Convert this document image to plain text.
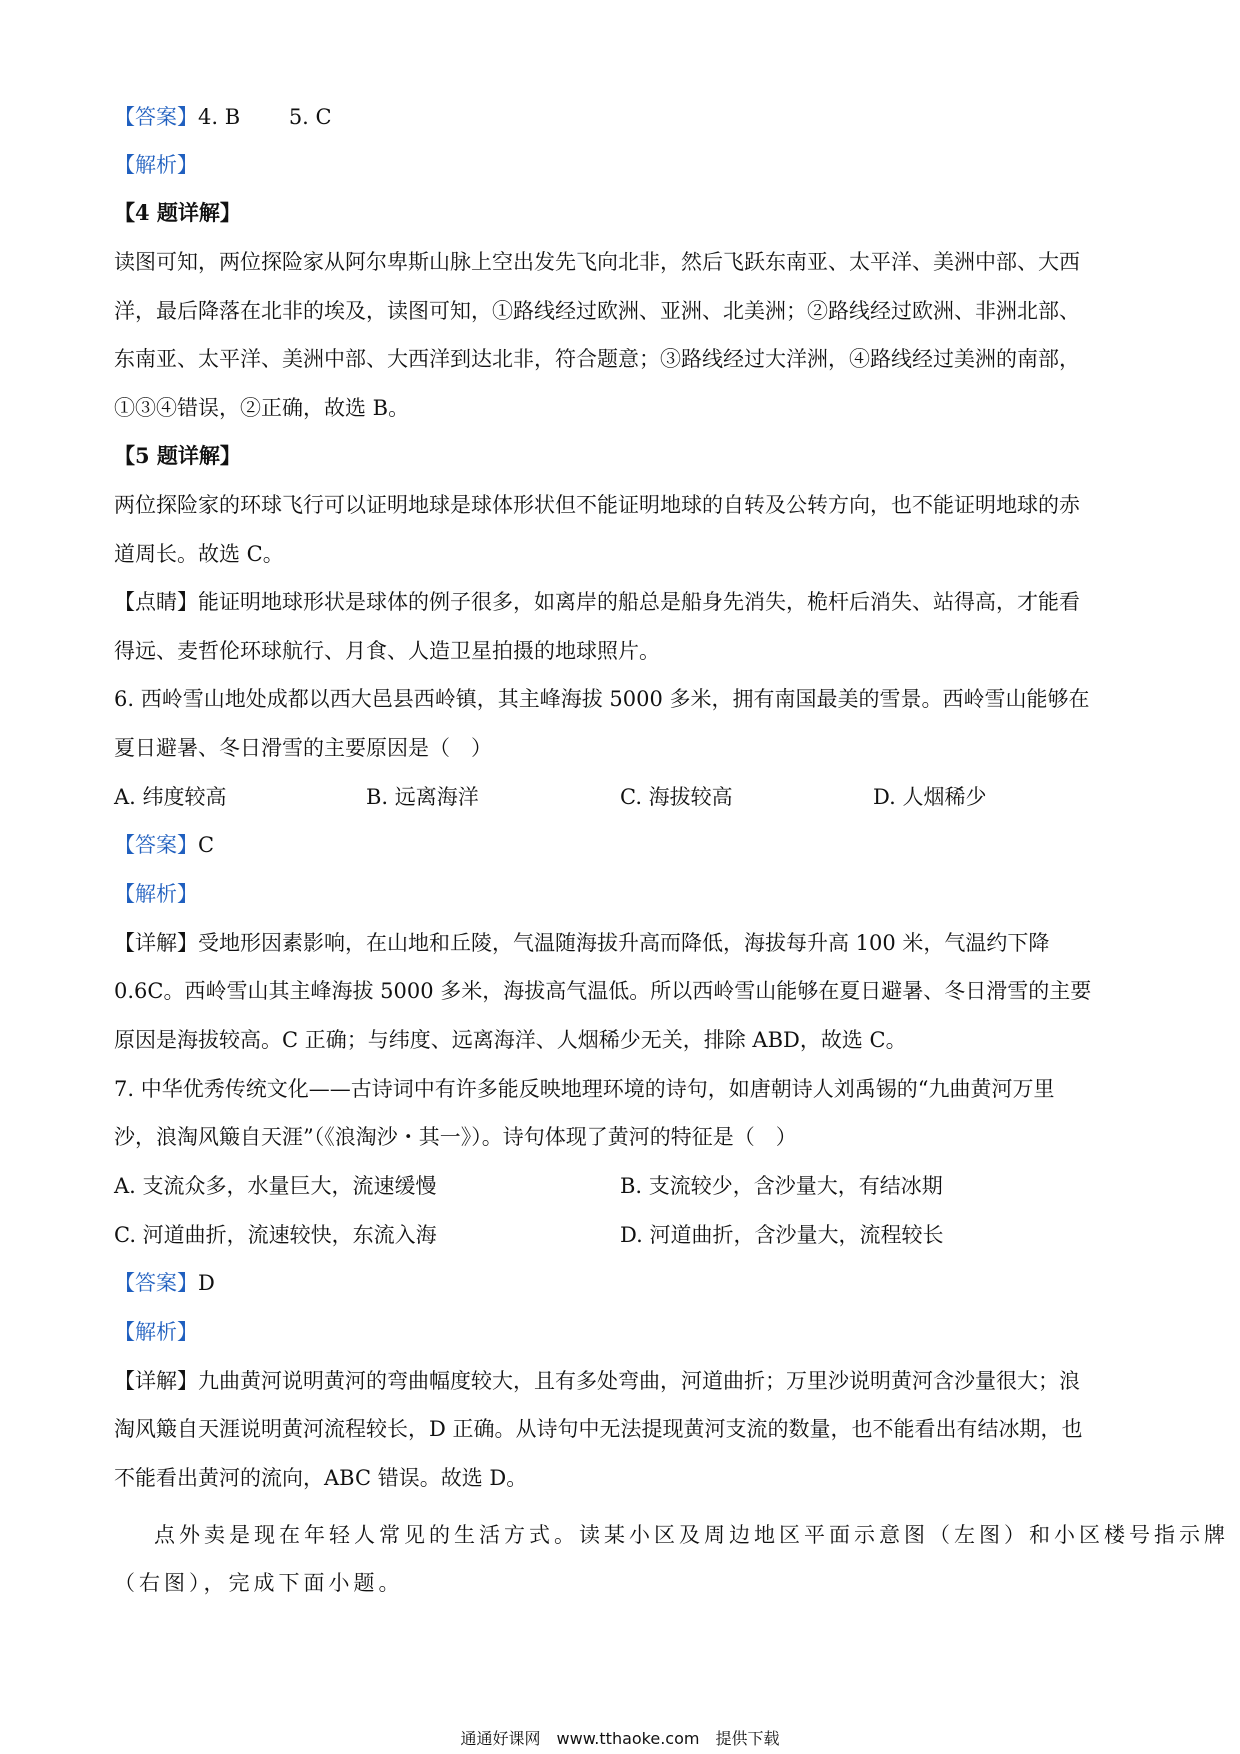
【答案】4. B　　 5. C
【解析】
【4 题详解】
读图可知，两位探险家从阿尔卑斯山脉上空出发先飞向北非，然后飞跃东南亚、太平洋、美洲中部、大西
洋，最后降落在北非的埃及，读图可知，①路线经过欧洲、亚洲、北美洲；②路线经过欧洲、非洲北部、
东南亚、太平洋、美洲中部、大西洋到达北非，符合题意；③路线经过大洋洲，④路线经过美洲的南部，
①③④错误，②正确，故选 B。
【5 题详解】
两位探险家的环球飞行可以证明地球是球体形状但不能证明地球的自转及公转方向，也不能证明地球的赤
道周长。故选 C。
【点睛】能证明地球形状是球体的例子很多，如离岸的船总是船身先消失，桅杆后消失、站得高，才能看
得远、麦哲伦环球航行、月食、人造卫星拍摄的地球照片。
6. 西岭雪山地处成都以西大邑县西岭镇，其主峰海拔 5000 多米，拥有南国最美的雪景。西岭雪山能够在
夏日避暑、冬日滑雪的主要原因是（　）
A. 纬度较高	B. 远离海洋	C. 海拔较高	D. 人烟稀少
【答案】C
【解析】
【详解】受地形因素影响，在山地和丘陵，气温随海拔升高而降低，海拔每升高 100 米，气温约下降
0.6C。西岭雪山其主峰海拔 5000 多米，海拔高气温低。所以西岭雪山能够在夏日避暑、冬日滑雪的主要
原因是海拔较高。C 正确；与纬度、远离海洋、人烟稀少无关，排除 ABD，故选 C。
7. 中华优秀传统文化——古诗词中有许多能反映地理环境的诗句，如唐朝诗人刘禹锡的“九曲黄河万里
沙，浪淘风簸自天涯”（《浪淘沙・其一》）。诗句体现了黄河的特征是（　）
A. 支流众多，水量巨大，流速缓慢	B. 支流较少，含沙量大，有结冰期
C. 河道曲折，流速较快，东流入海	D. 河道曲折，含沙量大，流程较长
【答案】D
【解析】
【详解】九曲黄河说明黄河的弯曲幅度较大，且有多处弯曲，河道曲折；万里沙说明黄河含沙量很大；浪
淘风簸自天涯说明黄河流程较长，D 正确。从诗句中无法提现黄河支流的数量，也不能看出有结冰期，也
不能看出黄河的流向，ABC 错误。故选 D。
点外卖是现在年轻人常见的生活方式。读某小区及周边地区平面示意图（左图）和小区楼号指示牌
（右图），完成下面小题。
通通好课网　www.tthaoke.com　提供下载
